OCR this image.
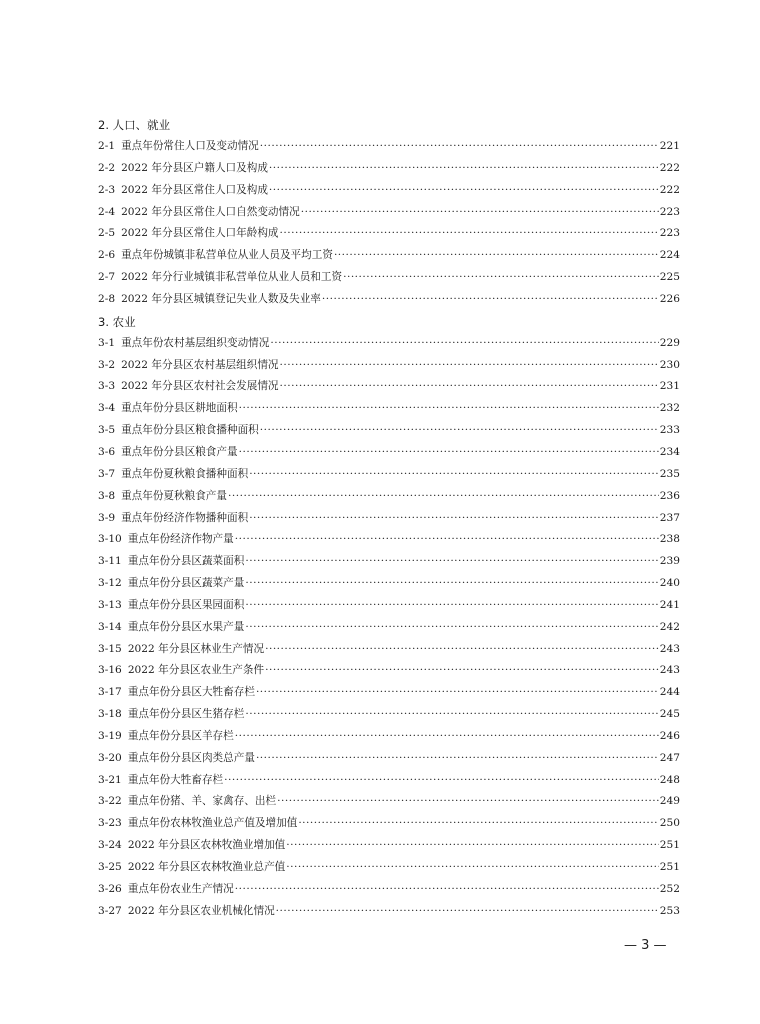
2. 人口、就业
2-1 重点年份常住人口及变动情况 ·····	221
2-2 2022 年分县区户籍人口及构成 ·····	222
2-3 2022 年分县区常住人口及构成 ·····	222
2-4 2022 年分县区常住人口自然变动情况 ·····	223
2-5 2022 年分县区常住人口年龄构成 ·····	223
2-6 重点年份城镇非私营单位从业人员及平均工资 ·····	224
2-7 2022 年分行业城镇非私营单位从业人员和工资 ·····	225
2-8 2022 年分县区城镇登记失业人数及失业率 ·····	226
3. 农业
3-1 重点年份农村基层组织变动情况 ·····	229
3-2 2022 年分县区农村基层组织情况 ·····	230
3-3 2022 年分县区农村社会发展情况 ·····	231
3-4 重点年份分县区耕地面积 ·····	232
3-5 重点年份分县区粮食播种面积 ·····	233
3-6 重点年份分县区粮食产量 ·····	234
3-7 重点年份夏秋粮食播种面积 ·····	235
3-8 重点年份夏秋粮食产量 ·····	236
3-9 重点年份经济作物播种面积 ·····	237
3-10 重点年份经济作物产量 ·····	238
3-11 重点年份分县区蔬菜面积 ·····	239
3-12 重点年份分县区蔬菜产量 ·····	240
3-13 重点年份分县区果园面积 ·····	241
3-14 重点年份分县区水果产量 ·····	242
3-15 2022 年分县区林业生产情况 ·····	243
3-16 2022 年分县区农业生产条件 ·····	243
3-17 重点年份分县区大牲畜存栏 ·····	244
3-18 重点年份分县区生猪存栏 ·····	245
3-19 重点年份分县区羊存栏 ·····	246
3-20 重点年份分县区肉类总产量 ·····	247
3-21 重点年份大牲畜存栏 ·····	248
3-22 重点年份猪、羊、家禽存、出栏 ·····	249
3-23 重点年份农林牧渔业总产值及增加值 ·····	250
3-24 2022 年分县区农林牧渔业增加值 ·····	251
3-25 2022 年分县区农林牧渔业总产值 ·····	251
3-26 重点年份农业生产情况 ·····	252
3-27 2022 年分县区农业机械化情况 ·····	253
— 3 —
